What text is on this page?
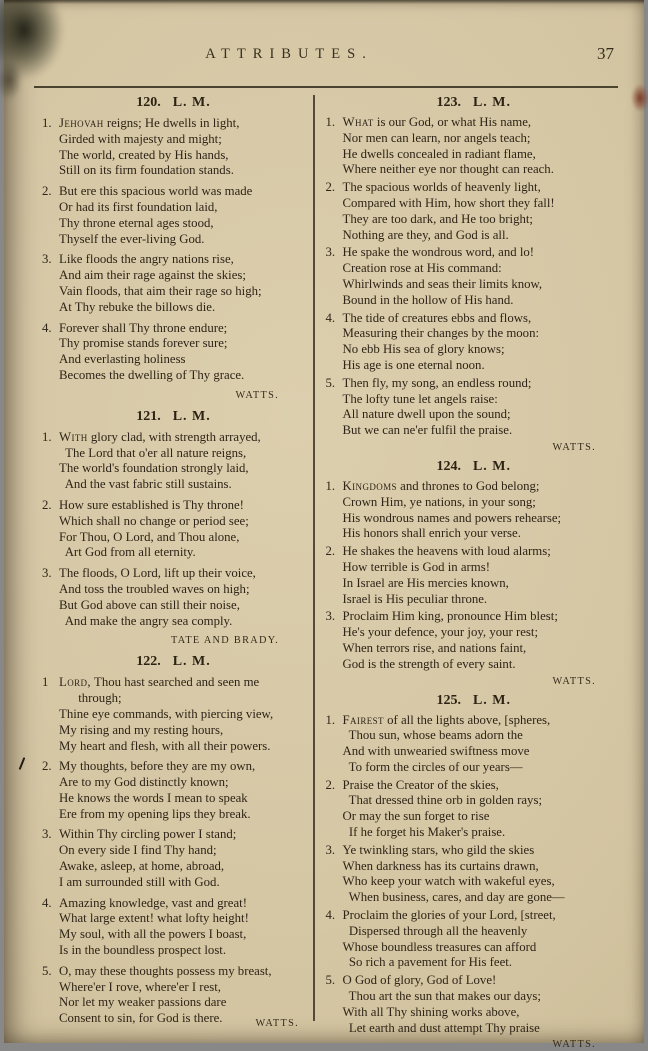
ATTRIBUTES.	37
120. L. M.
1. Jehovah reigns; He dwells in light,
Girded with majesty and might;
The world, created by His hands,
Still on its firm foundation stands.
2. But ere this spacious world was made
Or had its first foundation laid,
Thy throne eternal ages stood,
Thyself the ever-living God.
3. Like floods the angry nations rise,
And aim their rage against the skies;
Vain floods, that aim their rage so high;
At Thy rebuke the billows die.
4. Forever shall Thy throne endure;
Thy promise stands forever sure;
And everlasting holiness
Becomes the dwelling of Thy grace.
WATTS.
121. L. M.
1. With glory clad, with strength arrayed,
The Lord that o'er all nature reigns,
The world's foundation strongly laid,
And the vast fabric still sustains.
2. How sure established is Thy throne!
Which shall no change or period see;
For Thou, O Lord, and Thou alone,
Art God from all eternity.
3. The floods, O Lord, lift up their voice,
And toss the troubled waves on high;
But God above can still their noise,
And make the angry sea comply.
TATE AND BRADY.
122. L. M.
1 Lord, Thou hast searched and seen me
through;
Thine eye commands, with piercing view,
My rising and my resting hours,
My heart and flesh, with all their powers.
2. My thoughts, before they are my own,
Are to my God distinctly known;
He knows the words I mean to speak
Ere from my opening lips they break.
3. Within Thy circling power I stand;
On every side I find Thy hand;
Awake, asleep, at home, abroad,
I am surrounded still with God.
4. Amazing knowledge, vast and great!
What large extent! what lofty height!
My soul, with all the powers I boast,
Is in the boundless prospect lost.
5. O, may these thoughts possess my breast,
Where'er I rove, where'er I rest,
Nor let my weaker passions dare
Consent to sin, for God is there.	WATTS.
123. L. M.
1. What is our God, or what His name,
Nor men can learn, nor angels teach;
He dwells concealed in radiant flame,
Where neither eye nor thought can reach.
2. The spacious worlds of heavenly light,
Compared with Him, how short they fall!
They are too dark, and He too bright;
Nothing are they, and God is all.
3. He spake the wondrous word, and lo!
Creation rose at His command:
Whirlwinds and seas their limits know,
Bound in the hollow of His hand.
4. The tide of creatures ebbs and flows,
Measuring their changes by the moon:
No ebb His sea of glory knows;
His age is one eternal noon.
5. Then fly, my song, an endless round;
The lofty tune let angels raise:
All nature dwell upon the sound;
But we can ne'er fulfil the praise.
WATTS.
124. L. M.
1. Kingdoms and thrones to God belong;
Crown Him, ye nations, in your song;
His wondrous names and powers rehearse;
His honors shall enrich your verse.
2. He shakes the heavens with loud alarms;
How terrible is God in arms!
In Israel are His mercies known,
Israel is His peculiar throne.
3. Proclaim Him king, pronounce Him blest;
He's your defence, your joy, your rest;
When terrors rise, and nations faint,
God is the strength of every saint.
WATTS.
125. L. M.
1. Fairest of all the lights above, [spheres,
Thou sun, whose beams adorn the
And with unwearied swiftness move
To form the circles of our years—
2. Praise the Creator of the skies,
That dressed thine orb in golden rays;
Or may the sun forget to rise
If he forget his Maker's praise.
3. Ye twinkling stars, who gild the skies
When darkness has its curtains drawn,
Who keep your watch with wakeful eyes,
When business, cares, and day are gone—
4. Proclaim the glories of your Lord, [street,
Dispersed through all the heavenly
Whose boundless treasures can afford
So rich a pavement for His feet.
5. O God of glory, God of Love!
Thou art the sun that makes our days;
With all Thy shining works above,
Let earth and dust attempt Thy praise
WATTS.
